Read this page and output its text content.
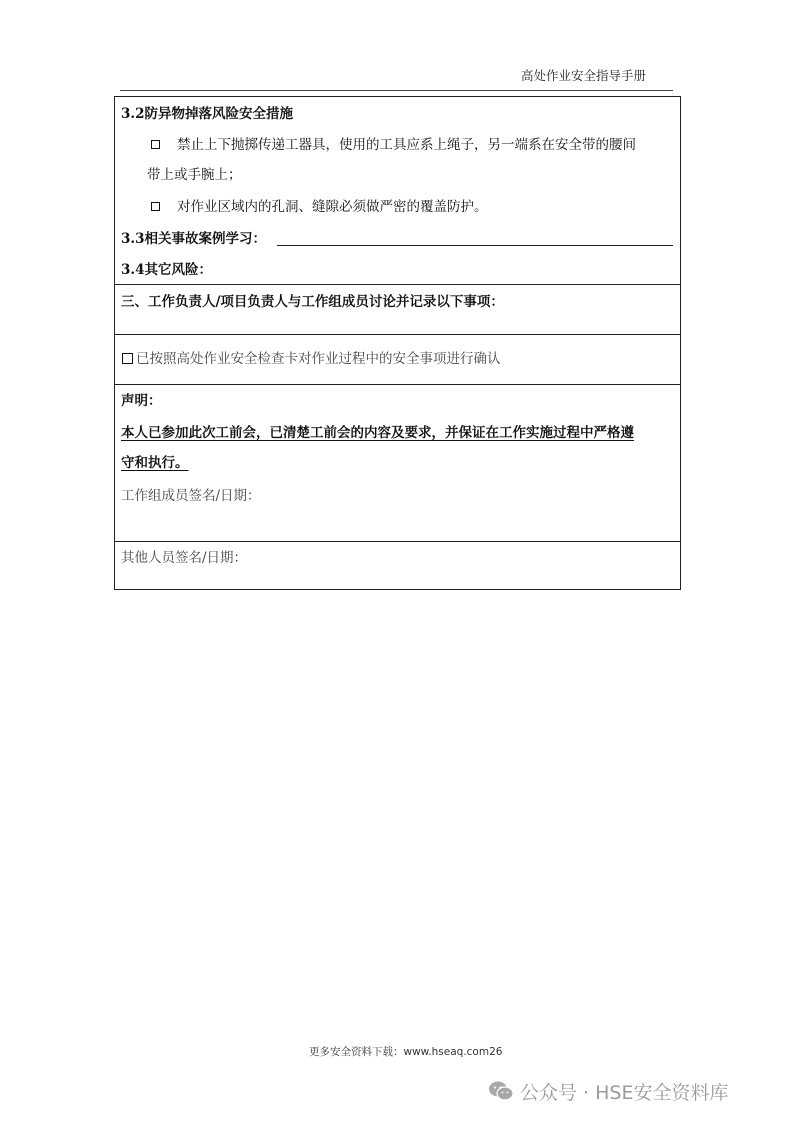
高处作业安全指导手册
3.2防异物掉落风险安全措施
禁止上下抛掷传递工器具，使用的工具应系上绳子，另一端系在安全带的腰间
带上或手腕上；
对作业区域内的孔洞、缝隙必须做严密的覆盖防护。
3.3相关事故案例学习：
3.4其它风险：
三、工作负责人/项目负责人与工作组成员讨论并记录以下事项：
已按照高处作业安全检查卡对作业过程中的安全事项进行确认
声明：
本人已参加此次工前会，已清楚工前会的内容及要求，并保证在工作实施过程中严格遵
守和执行。
工作组成员签名/日期：
其他人员签名/日期：
更多安全资料下载：www.hseaq.com26
公众号 · HSE安全资料库
